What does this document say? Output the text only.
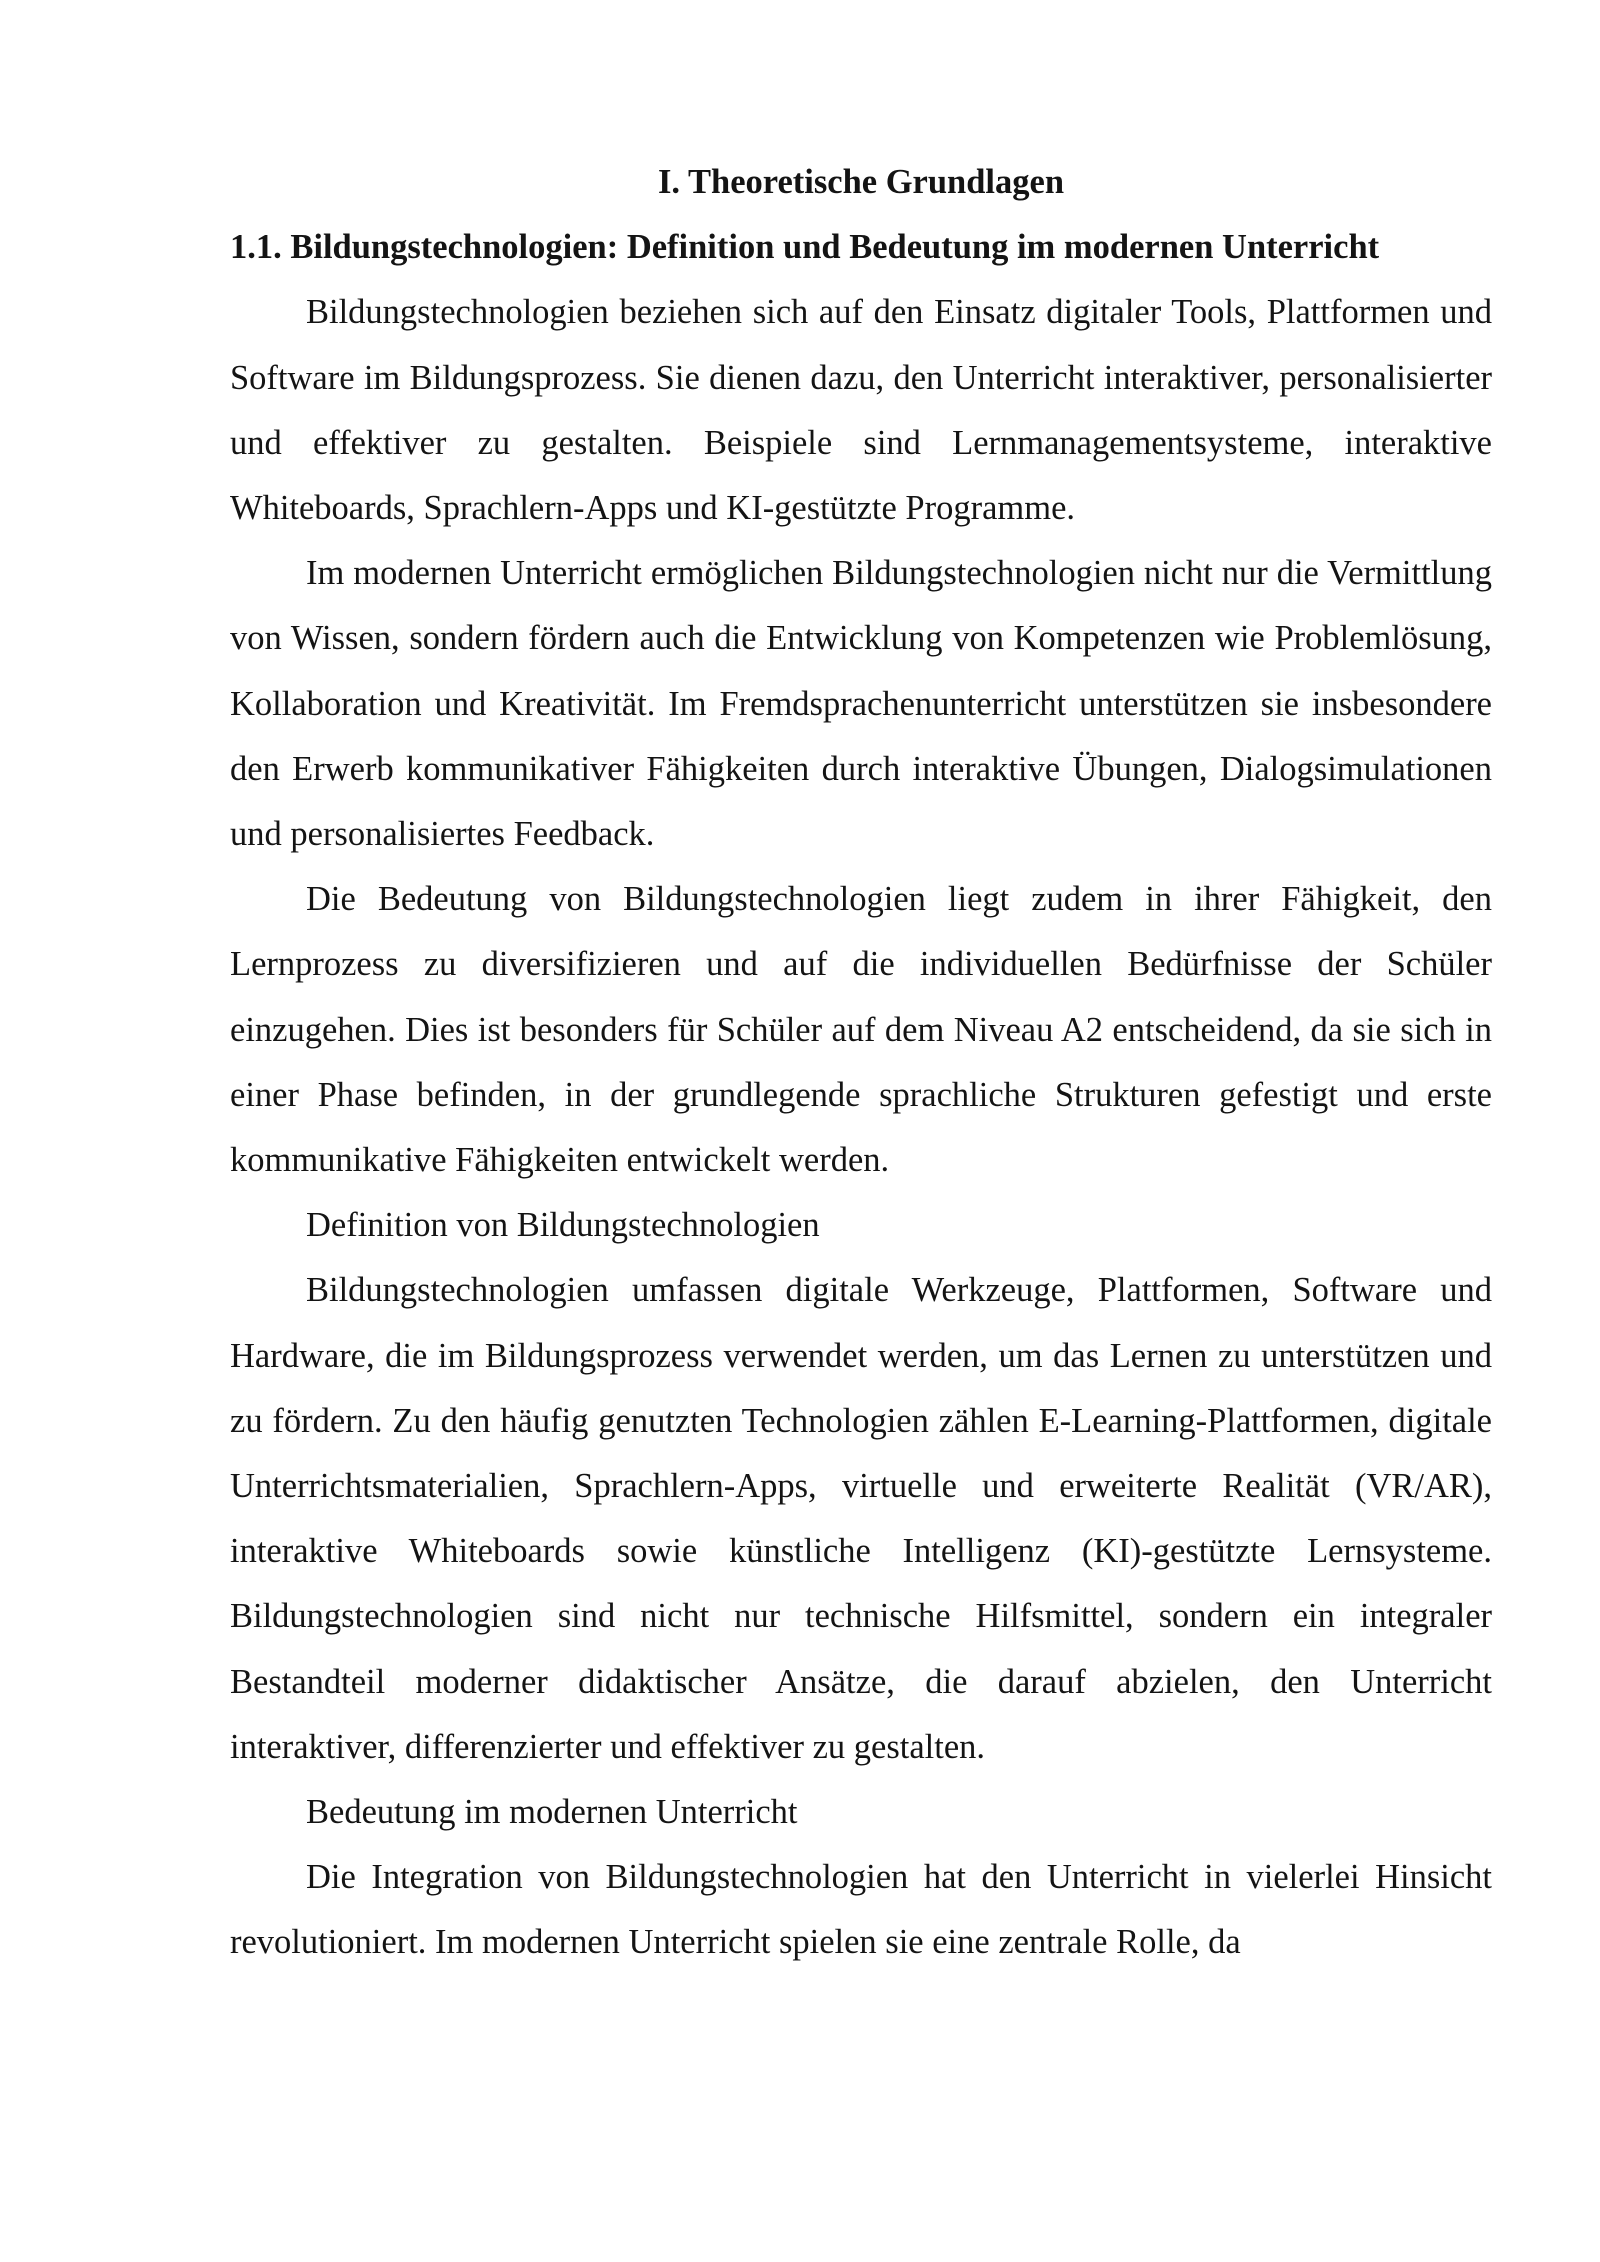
I. Theoretische Grundlagen

1.1. Bildungstechnologien: Definition und Bedeutung im modernen Unterricht

Bildungstechnologien beziehen sich auf den Einsatz digitaler Tools, Plattformen und Software im Bildungsprozess. Sie dienen dazu, den Unterricht interaktiver, personalisierter und effektiver zu gestalten. Beispiele sind Lernmanagementsysteme, interaktive Whiteboards, Sprachlern-Apps und KI-gestützte Programme.

Im modernen Unterricht ermöglichen Bildungstechnologien nicht nur die Vermittlung von Wissen, sondern fördern auch die Entwicklung von Kompetenzen wie Problemlösung, Kollaboration und Kreativität. Im Fremdsprachenunterricht unterstützen sie insbesondere den Erwerb kommunikativer Fähigkeiten durch interaktive Übungen, Dialogsimulationen und personalisiertes Feedback.

Die Bedeutung von Bildungstechnologien liegt zudem in ihrer Fähigkeit, den Lernprozess zu diversifizieren und auf die individuellen Bedürfnisse der Schüler einzugehen. Dies ist besonders für Schüler auf dem Niveau A2 entscheidend, da sie sich in einer Phase befinden, in der grundlegende sprachliche Strukturen gefestigt und erste kommunikative Fähigkeiten entwickelt werden.

Definition von Bildungstechnologien

Bildungstechnologien umfassen digitale Werkzeuge, Plattformen, Software und Hardware, die im Bildungsprozess verwendet werden, um das Lernen zu unterstützen und zu fördern. Zu den häufig genutzten Technologien zählen E-Learning-Plattformen, digitale Unterrichtsmaterialien, Sprachlern-Apps, virtuelle und erweiterte Realität (VR/AR), interaktive Whiteboards sowie künstliche Intelligenz (KI)-gestützte Lernsysteme. Bildungstechnologien sind nicht nur technische Hilfsmittel, sondern ein integraler Bestandteil moderner didaktischer Ansätze, die darauf abzielen, den Unterricht interaktiver, differenzierter und effektiver zu gestalten.

Bedeutung im modernen Unterricht

Die Integration von Bildungstechnologien hat den Unterricht in vielerlei Hinsicht revolutioniert. Im modernen Unterricht spielen sie eine zentrale Rolle, da
